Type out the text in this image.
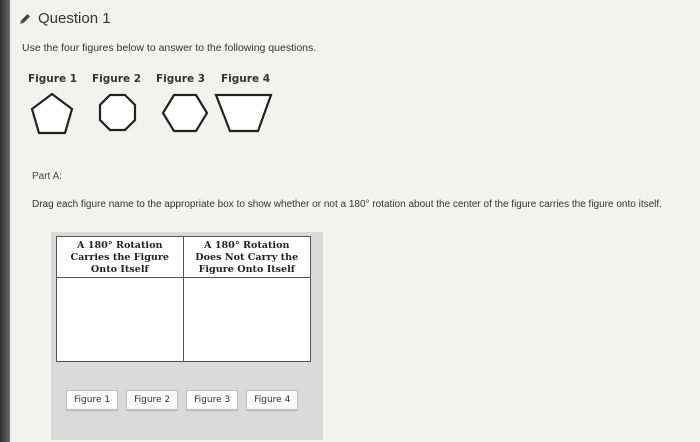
Question 1
Use the four figures below to answer to the following questions.
Figure 1 Figure 2 Figure 3 Figure 4
Part A:
Drag each figure name to the appropriate box to show whether or not a 180° rotation about the center of the figure carries the figure onto itself.
A 180° Rotation
Carries the Figure
Onto Itself
A 180° Rotation
Does Not Carry the
Figure Onto Itself
Figure 1	Figure 2	Figure 3	Figure 4
